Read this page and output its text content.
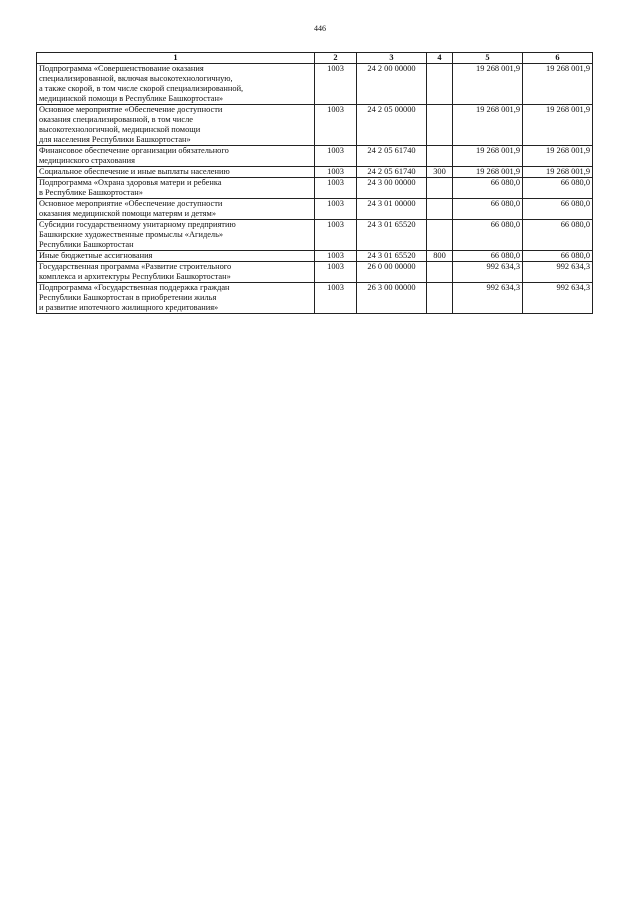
446
1	2	3	4	5	6
Подпрограмма «Совершенствование оказания
специализированной, включая высокотехнологичную,
а также скорой, в том числе скорой специализированной,
медицинской помощи в Республике Башкортостан»	1003	24 2 00 00000		19 268 001,9	19 268 001,9
Основное мероприятие «Обеспечение доступности
оказания специализированной, в том числе
высокотехнологичной, медицинской помощи
для населения Республики Башкортостан»	1003	24 2 05 00000		19 268 001,9	19 268 001,9
Финансовое обеспечение организации обязательного
медицинского страхования	1003	24 2 05 61740		19 268 001,9	19 268 001,9
Социальное обеспечение и иные выплаты населению	1003	24 2 05 61740	300	19 268 001,9	19 268 001,9
Подпрограмма «Охрана здоровья матери и ребенка
в Республике Башкортостан»	1003	24 3 00 00000		66 080,0	66 080,0
Основное мероприятие «Обеспечение доступности
оказания медицинской помощи матерям и детям»	1003	24 3 01 00000		66 080,0	66 080,0
Субсидии государственному унитарному предприятию
Башкирские художественные промыслы «Агидель»
Республики Башкортостан	1003	24 3 01 65520		66 080,0	66 080,0
Иные бюджетные ассигнования	1003	24 3 01 65520	800	66 080,0	66 080,0
Государственная программа «Развитие строительного
комплекса и архитектуры Республики Башкортостан»	1003	26 0 00 00000		992 634,3	992 634,3
Подпрограмма «Государственная поддержка граждан
Республики Башкортостан в приобретении жилья
и развитие ипотечного жилищного кредитования»	1003	26 3 00 00000		992 634,3	992 634,3
